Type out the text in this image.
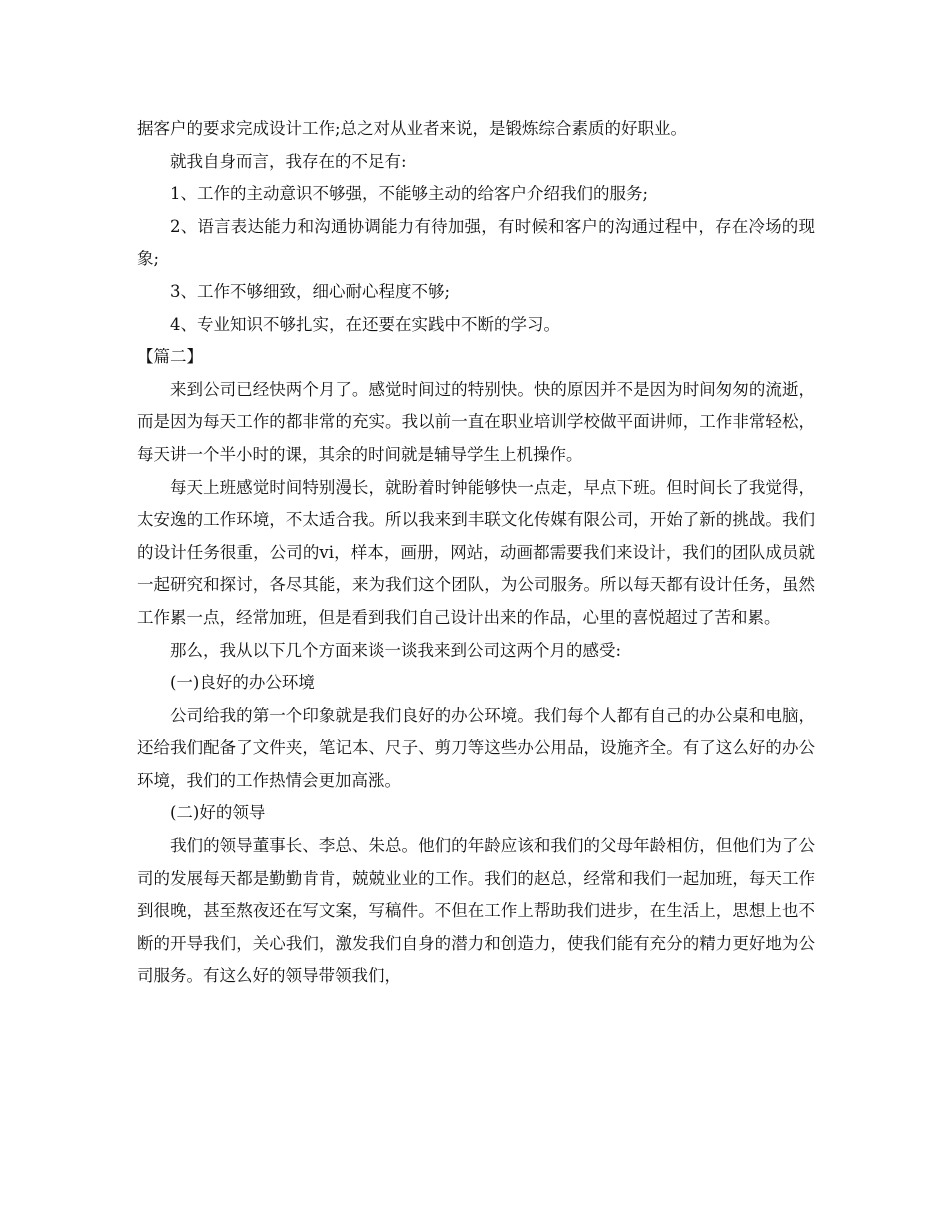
据客户的要求完成设计工作;总之对从业者来说，是锻炼综合素质的好职业。

就我自身而言，我存在的不足有:

1、工作的主动意识不够强，不能够主动的给客户介绍我们的服务;

2、语言表达能力和沟通协调能力有待加强，有时候和客户的沟通过程中，存在冷场的现象;

3、工作不够细致，细心耐心程度不够;

4、专业知识不够扎实，在还要在实践中不断的学习。

【篇二】

来到公司已经快两个月了。感觉时间过的特别快。快的原因并不是因为时间匆匆的流逝，而是因为每天工作的都非常的充实。我以前一直在职业培训学校做平面讲师，工作非常轻松，每天讲一个半小时的课，其余的时间就是辅导学生上机操作。

每天上班感觉时间特别漫长，就盼着时钟能够快一点走，早点下班。但时间长了我觉得，太安逸的工作环境，不太适合我。所以我来到丰联文化传媒有限公司，开始了新的挑战。我们的设计任务很重，公司的vi，样本，画册，网站，动画都需要我们来设计，我们的团队成员就一起研究和探讨，各尽其能，来为我们这个团队，为公司服务。所以每天都有设计任务，虽然工作累一点，经常加班，但是看到我们自己设计出来的作品，心里的喜悦超过了苦和累。

那么，我从以下几个方面来谈一谈我来到公司这两个月的感受:

(一)良好的办公环境

公司给我的第一个印象就是我们良好的办公环境。我们每个人都有自己的办公桌和电脑，还给我们配备了文件夹，笔记本、尺子、剪刀等这些办公用品，设施齐全。有了这么好的办公环境，我们的工作热情会更加高涨。

(二)好的领导

我们的领导董事长、李总、朱总。他们的年龄应该和我们的父母年龄相仿，但他们为了公司的发展每天都是勤勤肯肯，兢兢业业的工作。我们的赵总，经常和我们一起加班，每天工作到很晚，甚至熬夜还在写文案，写稿件。不但在工作上帮助我们进步，在生活上，思想上也不断的开导我们，关心我们，激发我们自身的潜力和创造力，使我们能有充分的精力更好地为公司服务。有这么好的领导带领我们，
